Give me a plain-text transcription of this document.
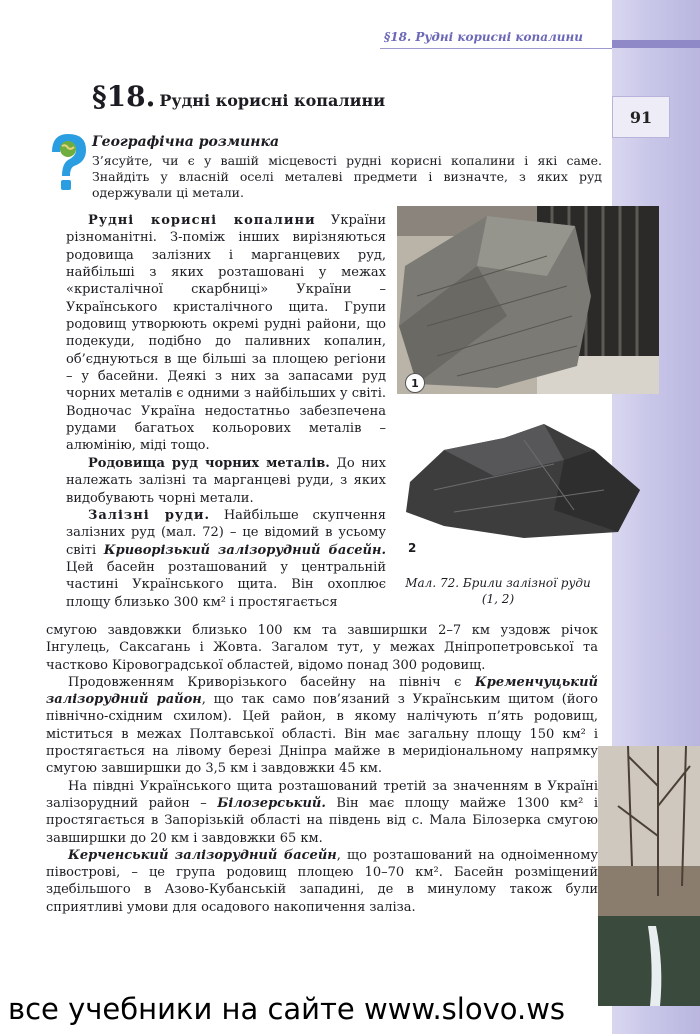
91
§18. Рудні корисні копалини
§18. Рудні корисні копалини
Географічна розминка
З’ясуйте, чи є у вашій місцевості рудні корисні копалини і які саме. Знайдіть у власній оселі металеві предмети і визначте, з яких руд одержували ці метали.

Рудні корисні копалини України різноманітні. З-поміж інших вирізняються родовища залізних і марганцевих руд, найбільші з яких розташовані у межах «кристалічної скарбниці» України – Українського кристалічного щита. Групи родовищ утворюють окремі рудні райони, що подекуди, подібно до паливних копалин, об’єднуються в ще більші за площею регіони – у басейни. Деякі з них за запасами руд чорних металів є одними з найбільших у світі. Водночас Україна недостатньо забезпечена рудами багатьох кольорових металів – алюмінію, міді тощо.

Родовища руд чорних металів. До них належать залізні та марганцеві руди, з яких видобувають чорні метали.

Залізні руди. Найбільше скупчення залізних руд (мал. 72) – це відомий в усьому світі Криворізький залізорудний басейн. Цей басейн розташований у центральній частині Українського щита. Він охоплює площу близько 300 км² і простягається

1
2
Мал. 72. Брили залізної руди (1, 2)

смугою завдовжки близько 100 км та завширшки 2–7 км уздовж річок Інгулець, Саксагань і Жовта. Загалом тут, у межах Дніпропетровської та частково Кіровоградської областей, відомо понад 300 родовищ.

Продовженням Криворізького басейну на північ є Кременчуцький залізорудний район, що так само пов’язаний з Українським щитом (його північно-східним схилом). Цей район, в якому налічують п’ять родовищ, міститься в межах Полтавської області. Він має загальну площу 150 км² і простягається на лівому березі Дніпра майже в меридіональному напрямку смугою завширшки до 3,5 км і завдовжки 45 км.

На півдні Українського щита розташований третій за значенням в Україні залізорудний район – Білозерський. Він має площу майже 1300 км² і простягається в Запорізькій області на південь від с. Мала Білозерка смугою завширшки до 20 км і завдовжки 65 км.

Керченський залізорудний басейн, що розташований на одноіменному півострові, – це група родовищ площею 10–70 км². Басейн розміщений здебільшого в Азово-Кубанській западині, де в минулому також були сприятливі умови для осадового накопичення заліза.

все учебники на сайте www.slovo.ws
